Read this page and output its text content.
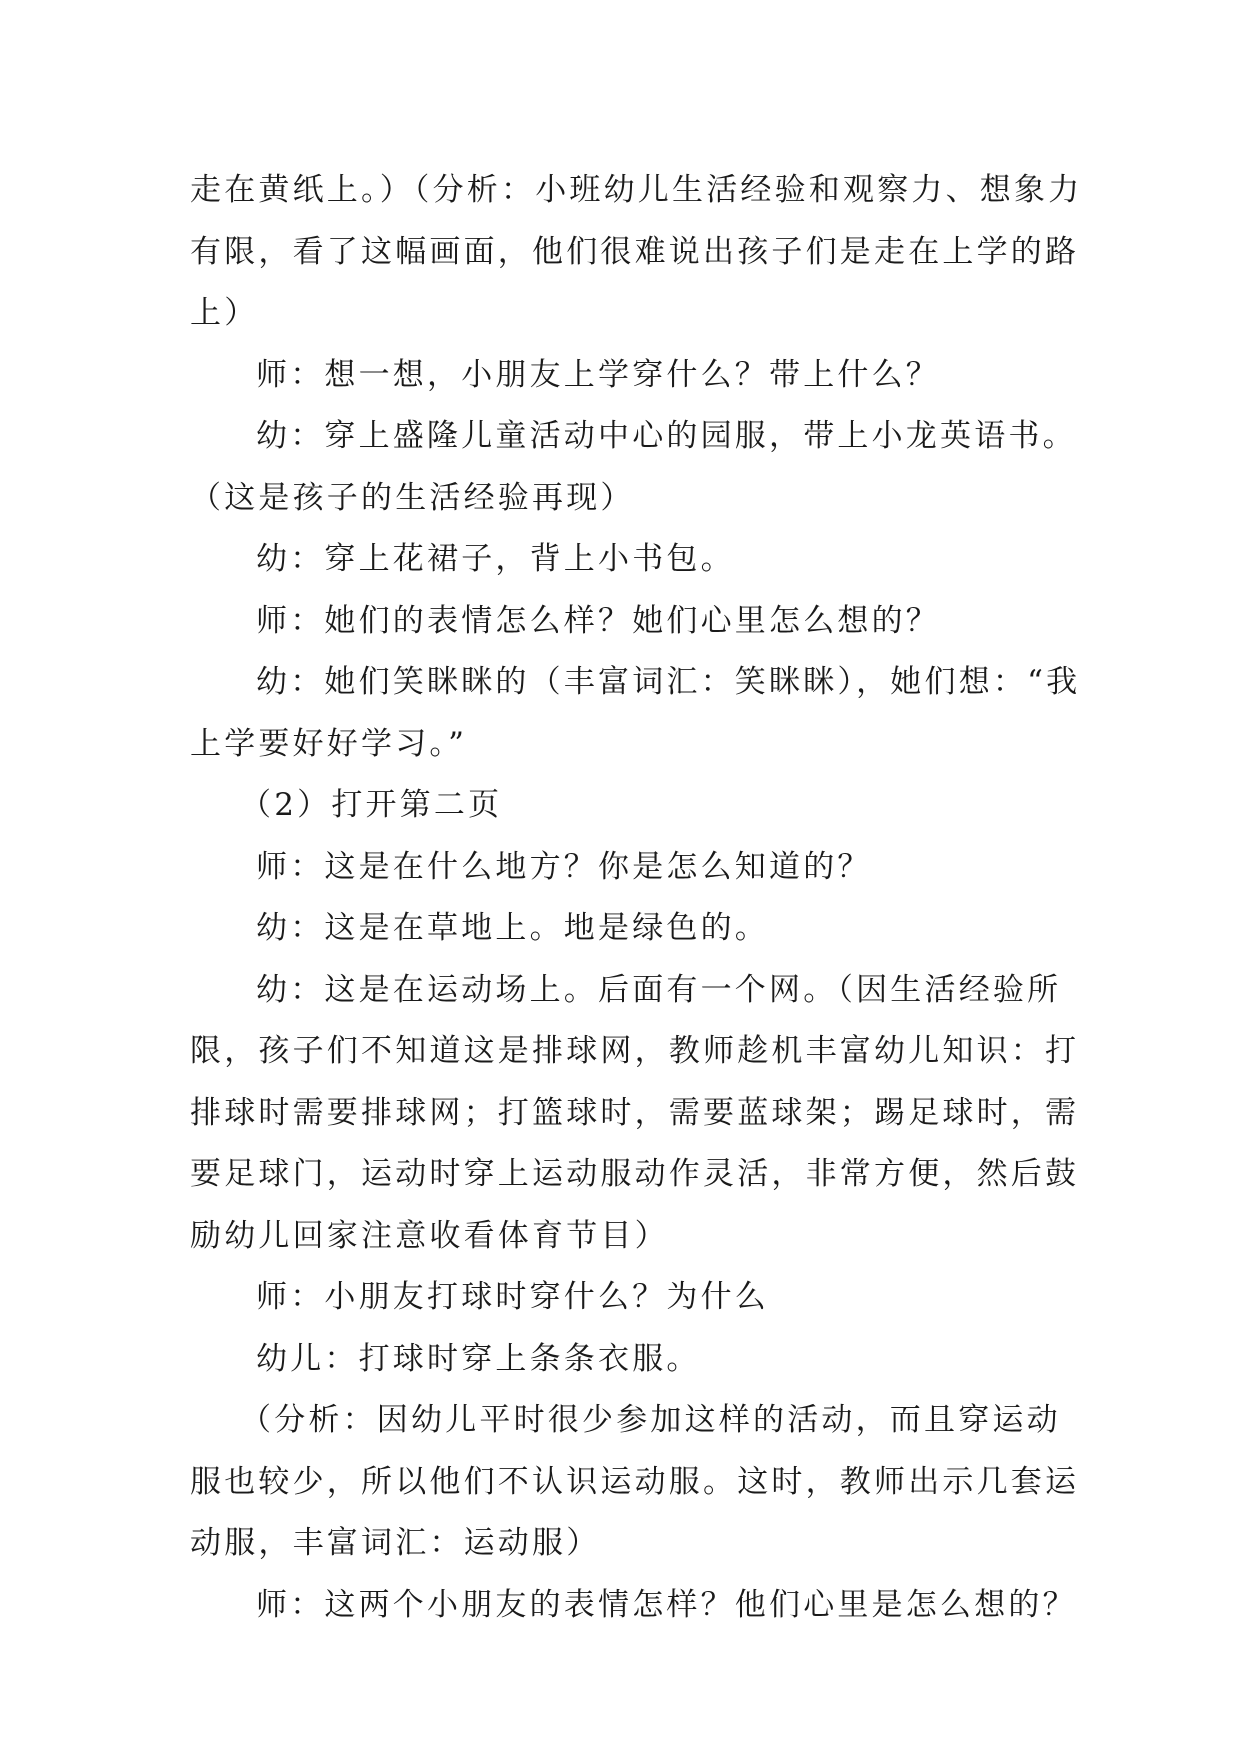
走在黄纸上。）（分析：小班幼儿生活经验和观察力、想象力
有限，看了这幅画面，他们很难说出孩子们是走在上学的路
上）
师：想一想，小朋友上学穿什么？带上什么？
幼：穿上盛隆儿童活动中心的园服，带上小龙英语书。
（这是孩子的生活经验再现）
幼：穿上花裙子，背上小书包。
师：她们的表情怎么样？她们心里怎么想的？
幼：她们笑眯眯的（丰富词汇：笑眯眯），她们想：“我
上学要好好学习。”
（2）打开第二页
师：这是在什么地方？你是怎么知道的？
幼：这是在草地上。地是绿色的。
幼：这是在运动场上。后面有一个网。（因生活经验所
限，孩子们不知道这是排球网，教师趁机丰富幼儿知识：打
排球时需要排球网；打篮球时，需要蓝球架；踢足球时，需
要足球门，运动时穿上运动服动作灵活，非常方便，然后鼓
励幼儿回家注意收看体育节目）
师：小朋友打球时穿什么？为什么
幼儿：打球时穿上条条衣服。
（分析：因幼儿平时很少参加这样的活动，而且穿运动
服也较少，所以他们不认识运动服。这时，教师出示几套运
动服，丰富词汇：运动服）
师：这两个小朋友的表情怎样？他们心里是怎么想的？
